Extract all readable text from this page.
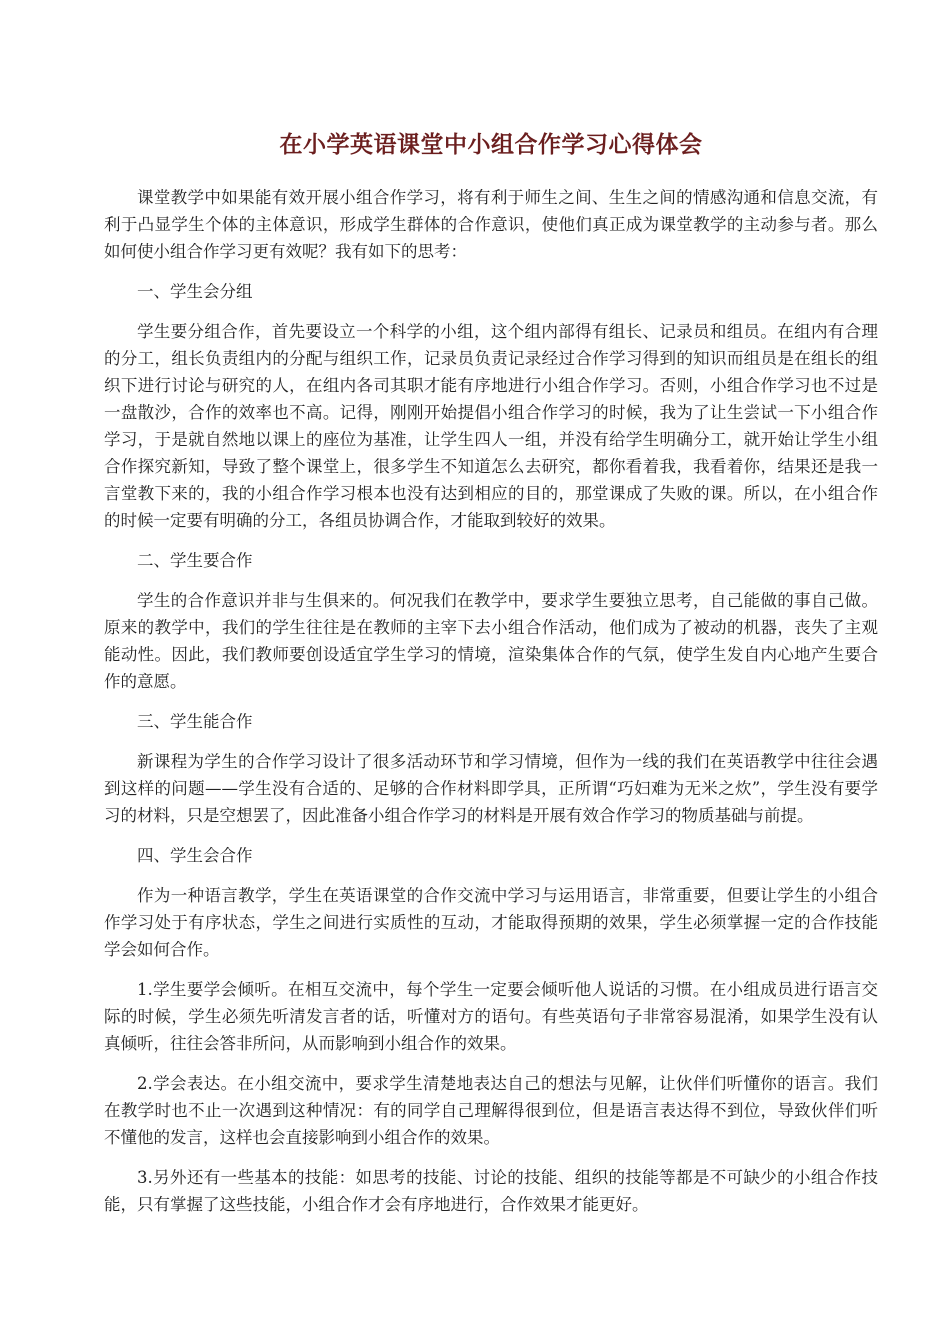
在小学英语课堂中小组合作学习心得体会

课堂教学中如果能有效开展小组合作学习，将有利于师生之间、生生之间的情感沟通和信息交流，有利于凸显学生个体的主体意识，形成学生群体的合作意识，使他们真正成为课堂教学的主动参与者。那么如何使小组合作学习更有效呢？我有如下的思考：

一、学生会分组

学生要分组合作，首先要设立一个科学的小组，这个组内部得有组长、记录员和组员。在组内有合理的分工，组长负责组内的分配与组织工作，记录员负责记录经过合作学习得到的知识而组员是在组长的组织下进行讨论与研究的人，在组内各司其职才能有序地进行小组合作学习。否则，小组合作学习也不过是一盘散沙，合作的效率也不高。记得，刚刚开始提倡小组合作学习的时候，我为了让生尝试一下小组合作学习，于是就自然地以课上的座位为基准，让学生四人一组，并没有给学生明确分工，就开始让学生小组合作探究新知，导致了整个课堂上，很多学生不知道怎么去研究，都你看着我，我看着你，结果还是我一言堂教下来的，我的小组合作学习根本也没有达到相应的目的，那堂课成了失败的课。所以，在小组合作的时候一定要有明确的分工，各组员协调合作，才能取到较好的效果。

二、学生要合作

学生的合作意识并非与生俱来的。何况我们在教学中，要求学生要独立思考，自己能做的事自己做。原来的教学中，我们的学生往往是在教师的主宰下去小组合作活动，他们成为了被动的机器，丧失了主观能动性。因此，我们教师要创设适宜学生学习的情境，渲染集体合作的气氛，使学生发自内心地产生要合作的意愿。

三、学生能合作

新课程为学生的合作学习设计了很多活动环节和学习情境，但作为一线的我们在英语教学中往往会遇到这样的问题——学生没有合适的、足够的合作材料即学具，正所谓“巧妇难为无米之炊”，学生没有要学习的材料，只是空想罢了，因此准备小组合作学习的材料是开展有效合作学习的物质基础与前提。

四、学生会合作

作为一种语言教学，学生在英语课堂的合作交流中学习与运用语言，非常重要，但要让学生的小组合作学习处于有序状态，学生之间进行实质性的互动，才能取得预期的效果，学生必须掌握一定的合作技能学会如何合作。

1.学生要学会倾听。在相互交流中，每个学生一定要会倾听他人说话的习惯。在小组成员进行语言交际的时候，学生必须先听清发言者的话，听懂对方的语句。有些英语句子非常容易混淆，如果学生没有认真倾听，往往会答非所问，从而影响到小组合作的效果。

2.学会表达。在小组交流中，要求学生清楚地表达自己的想法与见解，让伙伴们听懂你的语言。我们在教学时也不止一次遇到这种情况：有的同学自己理解得很到位，但是语言表达得不到位，导致伙伴们听不懂他的发言，这样也会直接影响到小组合作的效果。

3.另外还有一些基本的技能：如思考的技能、讨论的技能、组织的技能等都是不可缺少的小组合作技能，只有掌握了这些技能，小组合作才会有序地进行，合作效果才能更好。
